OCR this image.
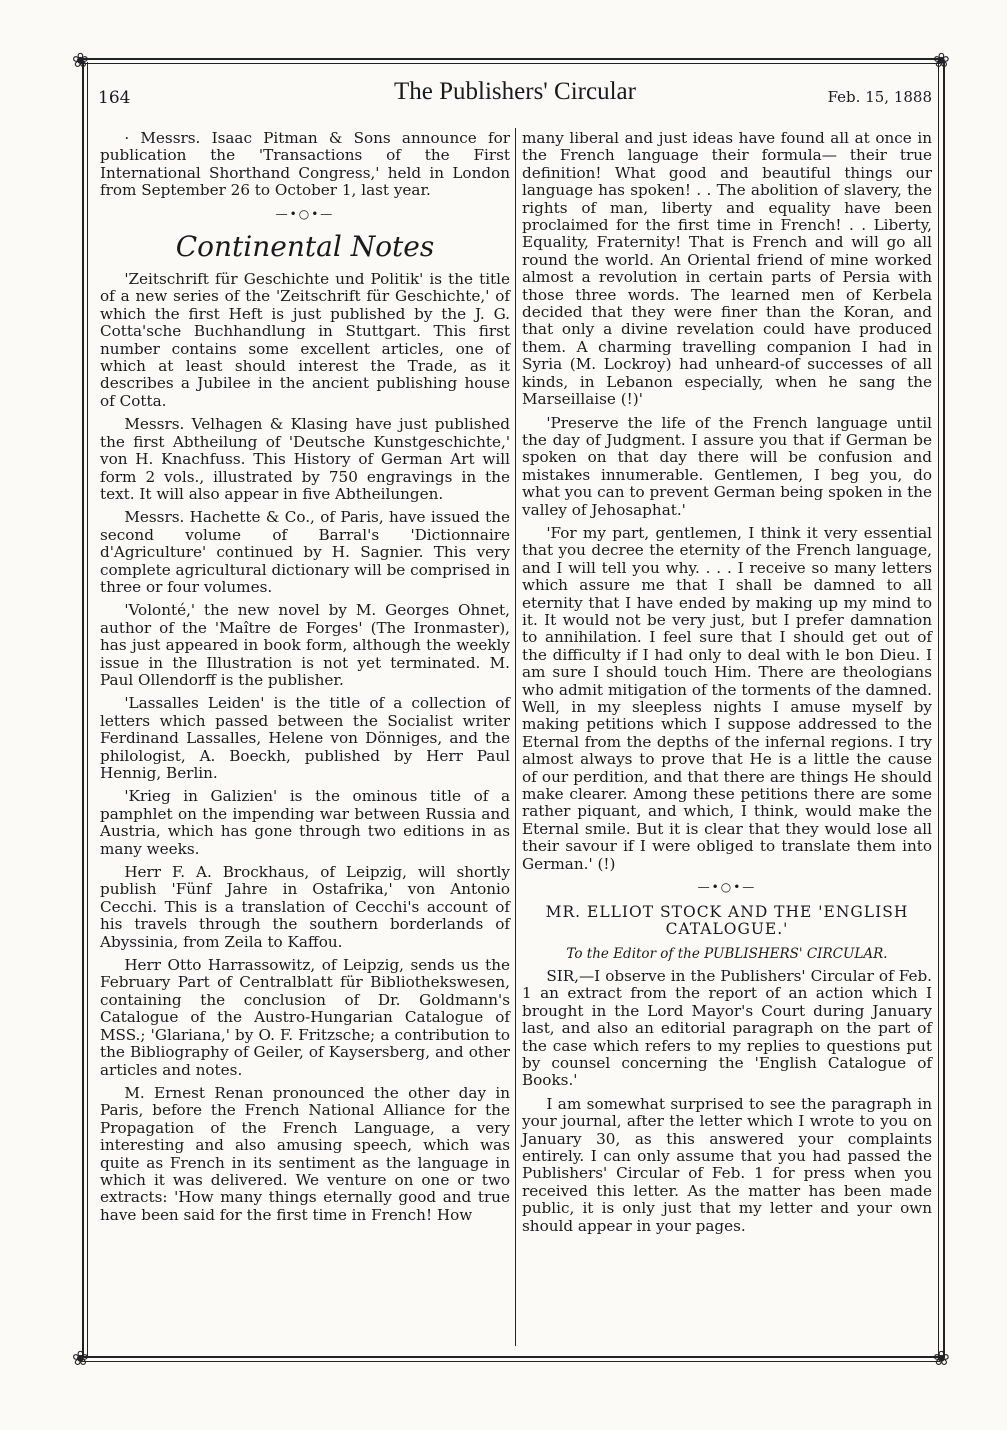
❀	❀
❀	❀
164	The Publishers' Circular	Feb. 15, 1888

· Messrs. Isaac Pitman & Sons announce for publication the 'Transactions of the First International Shorthand Congress,' held in London from September 26 to October 1, last year.

—•○•—
Continental Notes

'Zeitschrift für Geschichte und Politik' is the title of a new series of the 'Zeitschrift für Geschichte,' of which the first Heft is just published by the J. G. Cotta'sche Buchhandlung in Stuttgart. This first number contains some excellent articles, one of which at least should interest the Trade, as it describes a Jubilee in the ancient publishing house of Cotta.

Messrs. Velhagen & Klasing have just published the first Abtheilung of 'Deutsche Kunstgeschichte,' von H. Knachfuss. This History of German Art will form 2 vols., illustrated by 750 engravings in the text. It will also appear in five Abtheilungen.

Messrs. Hachette & Co., of Paris, have issued the second volume of Barral's 'Dictionnaire d'Agriculture' continued by H. Sagnier. This very complete agricultural dictionary will be comprised in three or four volumes.

'Volonté,' the new novel by M. Georges Ohnet, author of the 'Maître de Forges' (The Ironmaster), has just appeared in book form, although the weekly issue in the Illustration is not yet terminated. M. Paul Ollendorff is the publisher.

'Lassalles Leiden' is the title of a collection of letters which passed between the Socialist writer Ferdinand Lassalles, Helene von Dönniges, and the philologist, A. Boeckh, published by Herr Paul Hennig, Berlin.

'Krieg in Galizien' is the ominous title of a pamphlet on the impending war between Russia and Austria, which has gone through two editions in as many weeks.

Herr F. A. Brockhaus, of Leipzig, will shortly publish 'Fünf Jahre in Ostafrika,' von Antonio Cecchi. This is a translation of Cecchi's account of his travels through the southern borderlands of Abyssinia, from Zeila to Kaffou.

Herr Otto Harrassowitz, of Leipzig, sends us the February Part of Centralblatt für Bibliothekswesen, containing the conclusion of Dr. Goldmann's Catalogue of the Austro-Hungarian Catalogue of MSS.; 'Glariana,' by O. F. Fritzsche; a contribution to the Bibliography of Geiler, of Kaysersberg, and other articles and notes.

M. Ernest Renan pronounced the other day in Paris, before the French National Alliance for the Propagation of the French Language, a very interesting and also amusing speech, which was quite as French in its sentiment as the language in which it was delivered. We venture on one or two extracts: 'How many things eternally good and true have been said for the first time in French! How

many liberal and just ideas have found all at once in the French language their formula— their true definition! What good and beautiful things our language has spoken! . . The abolition of slavery, the rights of man, liberty and equality have been proclaimed for the first time in French! . . Liberty, Equality, Fraternity! That is French and will go all round the world. An Oriental friend of mine worked almost a revolution in certain parts of Persia with those three words. The learned men of Kerbela decided that they were finer than the Koran, and that only a divine revelation could have produced them. A charming travelling companion I had in Syria (M. Lockroy) had unheard-of successes of all kinds, in Lebanon especially, when he sang the Marseillaise (!)'

'Preserve the life of the French language until the day of Judgment. I assure you that if German be spoken on that day there will be confusion and mistakes innumerable. Gentlemen, I beg you, do what you can to prevent German being spoken in the valley of Jehosaphat.'

'For my part, gentlemen, I think it very essential that you decree the eternity of the French language, and I will tell you why. . . . I receive so many letters which assure me that I shall be damned to all eternity that I have ended by making up my mind to it. It would not be very just, but I prefer damnation to annihilation. I feel sure that I should get out of the difficulty if I had only to deal with le bon Dieu. I am sure I should touch Him. There are theologians who admit mitigation of the torments of the damned. Well, in my sleepless nights I amuse myself by making petitions which I suppose addressed to the Eternal from the depths of the infernal regions. I try almost always to prove that He is a little the cause of our perdition, and that there are things He should make clearer. Among these petitions there are some rather piquant, and which, I think, would make the Eternal smile. But it is clear that they would lose all their savour if I were obliged to translate them into German.' (!)

—•○•—
MR. ELLIOT STOCK AND THE 'ENGLISH CATALOGUE.'
To the Editor of the PUBLISHERS' CIRCULAR.

SIR,—I observe in the Publishers' Circular of Feb. 1 an extract from the report of an action which I brought in the Lord Mayor's Court during January last, and also an editorial paragraph on the part of the case which refers to my replies to questions put by counsel concerning the 'English Catalogue of Books.'

I am somewhat surprised to see the paragraph in your journal, after the letter which I wrote to you on January 30, as this answered your complaints entirely. I can only assume that you had passed the Publishers' Circular of Feb. 1 for press when you received this letter. As the matter has been made public, it is only just that my letter and your own should appear in your pages.
